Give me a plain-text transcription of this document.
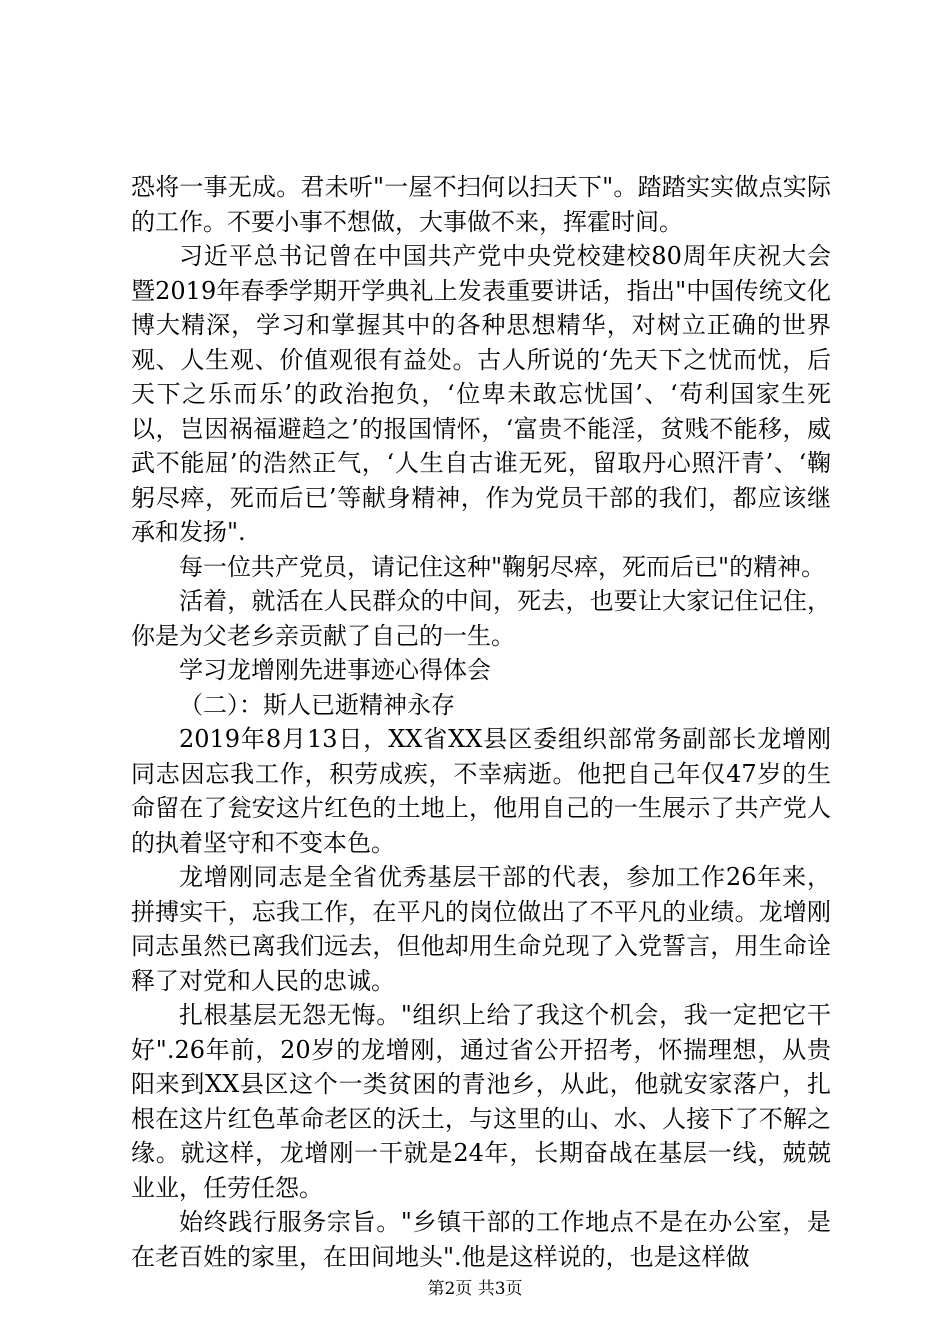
恐将一事无成。君未听"一屋不扫何以扫天下"。踏踏实实做点实际的工作。不要小事不想做，大事做不来，挥霍时间。

习近平总书记曾在中国共产党中央党校建校80周年庆祝大会暨2019年春季学期开学典礼上发表重要讲话，指出"中国传统文化博大精深，学习和掌握其中的各种思想精华，对树立正确的世界观、人生观、价值观很有益处。古人所说的‘先天下之忧而忧，后天下之乐而乐’的政治抱负，‘位卑未敢忘忧国’、‘苟利国家生死以，岂因祸福避趋之’的报国情怀，‘富贵不能淫，贫贱不能移，威武不能屈’的浩然正气，‘人生自古谁无死，留取丹心照汗青’、‘鞠躬尽瘁，死而后已’等献身精神，作为党员干部的我们，都应该继承和发扬".

每一位共产党员，请记住这种"鞠躬尽瘁，死而后已"的精神。

活着，就活在人民群众的中间，死去，也要让大家记住记住，你是为父老乡亲贡献了自己的一生。

学习龙增刚先进事迹心得体会

（二）：斯人已逝精神永存

2019年8月13日，XX省XX县区委组织部常务副部长龙增刚同志因忘我工作，积劳成疾，不幸病逝。他把自己年仅47岁的生命留在了瓮安这片红色的土地上，他用自己的一生展示了共产党人的执着坚守和不变本色。

龙增刚同志是全省优秀基层干部的代表，参加工作26年来，拼搏实干，忘我工作，在平凡的岗位做出了不平凡的业绩。龙增刚同志虽然已离我们远去，但他却用生命兑现了入党誓言，用生命诠释了对党和人民的忠诚。

扎根基层无怨无悔。"组织上给了我这个机会，我一定把它干好".26年前，20岁的龙增刚，通过省公开招考，怀揣理想，从贵阳来到XX县区这个一类贫困的青池乡，从此，他就安家落户，扎根在这片红色革命老区的沃土，与这里的山、水、人接下了不解之缘。就这样，龙增刚一干就是24年，长期奋战在基层一线，兢兢业业，任劳任怨。

始终践行服务宗旨。"乡镇干部的工作地点不是在办公室，是在老百姓的家里，在田间地头".他是这样说的，也是这样做

第2页 共3页
